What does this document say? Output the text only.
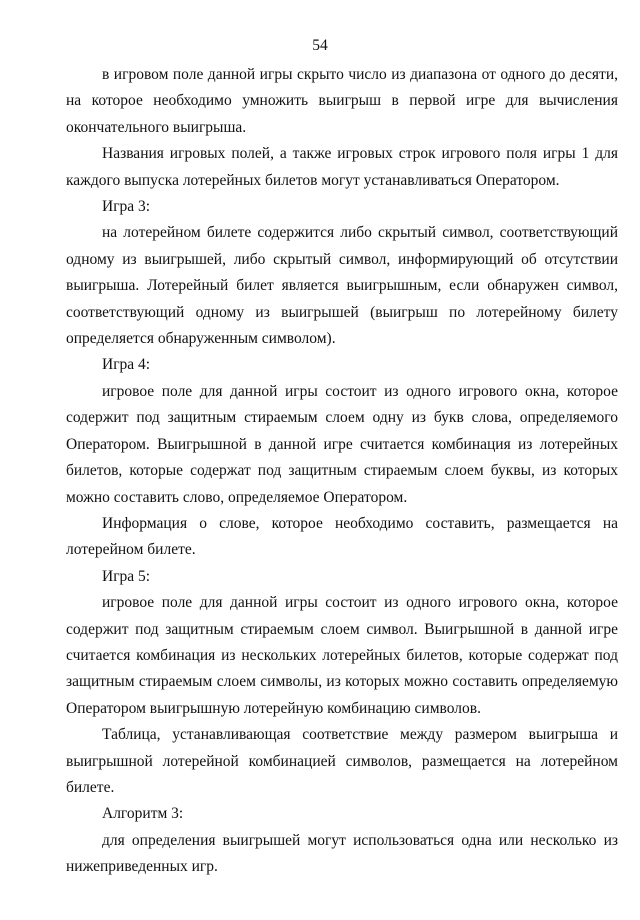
54

в игровом поле данной игры скрыто число из диапазона от одного до десяти, на которое необходимо умножить выигрыш в первой игре для вычисления окончательного выигрыша.

Названия игровых полей, а также игровых строк игрового поля игры 1 для каждого выпуска лотерейных билетов могут устанавливаться Оператором.

Игра 3:

на лотерейном билете содержится либо скрытый символ, соответствующий одному из выигрышей, либо скрытый символ, информирующий об отсутствии выигрыша. Лотерейный билет является выигрышным, если обнаружен символ, соответствующий одному из выигрышей (выигрыш по лотерейному билету определяется обнаруженным символом).

Игра 4:

игровое поле для данной игры состоит из одного игрового окна, которое содержит под защитным стираемым слоем одну из букв слова, определяемого Оператором. Выигрышной в данной игре считается комбинация из лотерейных билетов, которые содержат под защитным стираемым слоем буквы, из которых можно составить слово, определяемое Оператором.

Информация о слове, которое необходимо составить, размещается на лотерейном билете.

Игра 5:

игровое поле для данной игры состоит из одного игрового окна, которое содержит под защитным стираемым слоем символ. Выигрышной в данной игре считается комбинация из нескольких лотерейных билетов, которые содержат под защитным стираемым слоем символы, из которых можно составить определяемую Оператором выигрышную лотерейную комбинацию символов.

Таблица, устанавливающая соответствие между размером выигрыша и выигрышной лотерейной комбинацией символов, размещается на лотерейном билете.

Алгоритм 3:

для определения выигрышей могут использоваться одна или несколько из нижеприведенных игр.
